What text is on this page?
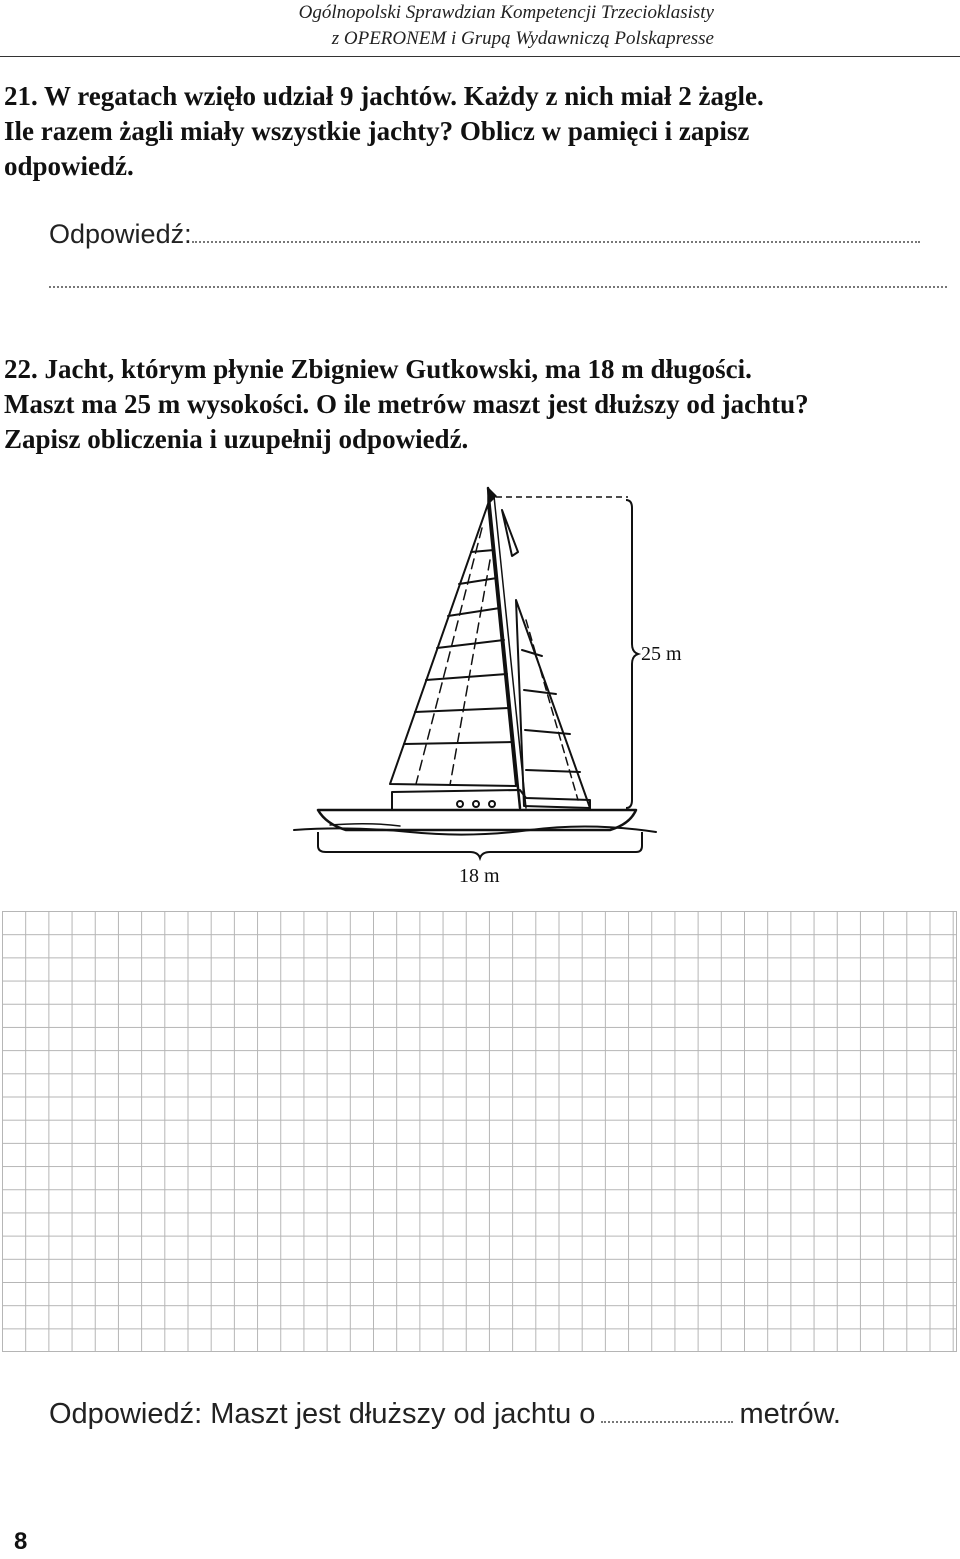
Ogólnopolski Sprawdzian Kompetencji Trzecioklasisty
z OPERONEM i Grupą Wydawniczą Polskapresse
21. W regatach wzięło udział 9 jachtów. Każdy z nich miał 2 żagle.
Ile razem żagli miały wszystkie jachty? Oblicz w pamięci i zapisz
odpowiedź.
Odpowiedź:
22. Jacht, którym płynie Zbigniew Gutkowski, ma 18 m długości.
Maszt ma 25 m wysokości. O ile metrów maszt jest dłuższy od jachtu?
Zapisz obliczenia i uzupełnij odpowiedź.
25 m
18 m
Odpowiedź: Maszt jest dłuższy od jachtu o	metrów.
8
